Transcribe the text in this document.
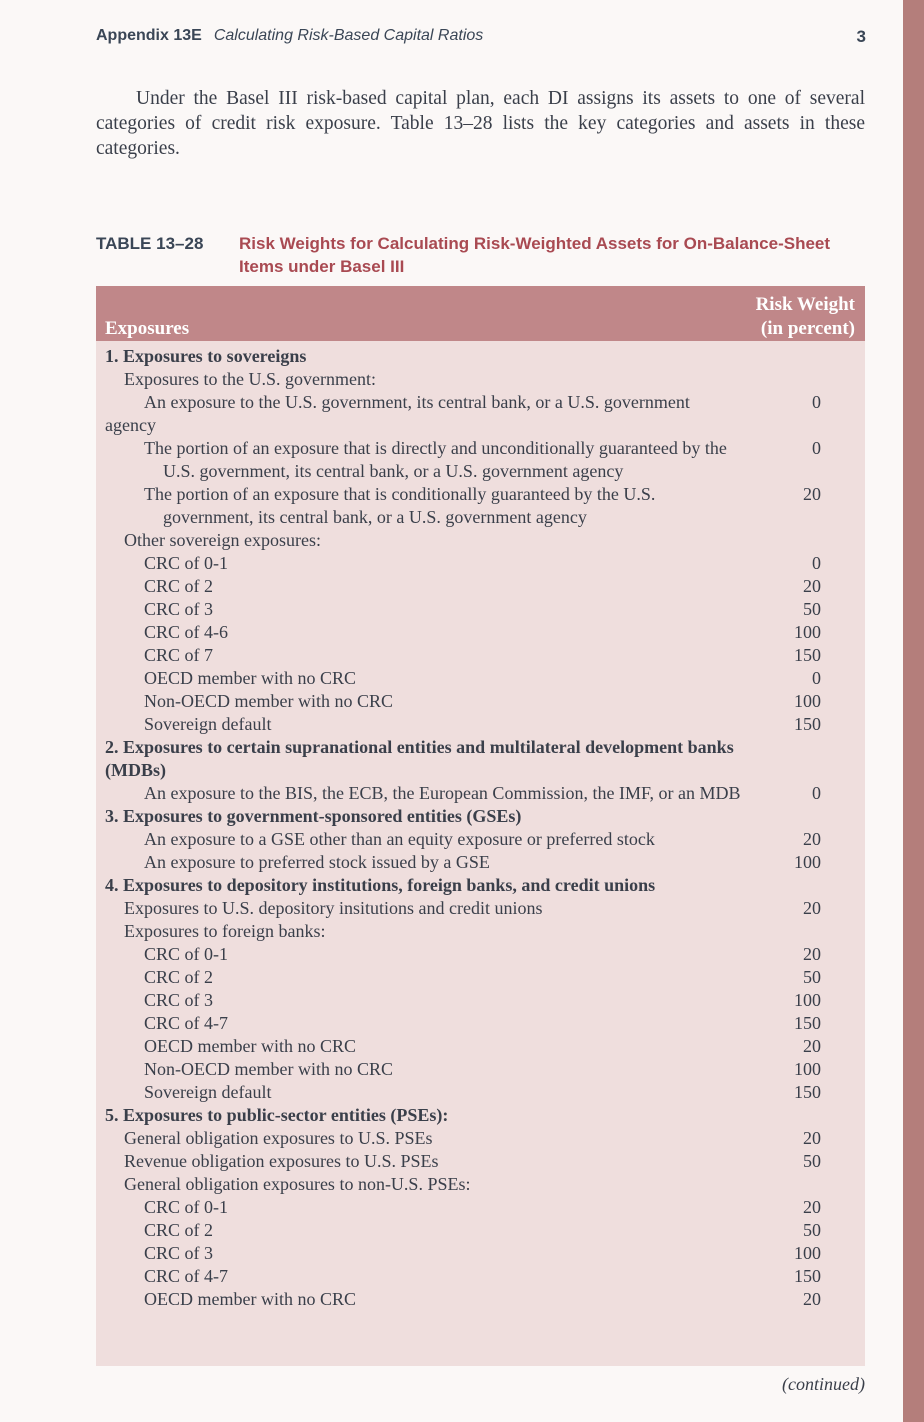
Appendix 13E Calculating Risk-Based Capital Ratios	3

Under the Basel III risk-based capital plan, each DI assigns its assets to one of several categories of credit risk exposure. Table 13–28 lists the key categories and assets in these categories.

TABLE 13–28 Risk Weights for Calculating Risk-Weighted Assets for On-Balance-Sheet Items under Basel III
Exposures
Risk Weight
(in percent)
1. Exposures to sovereigns
Exposures to the U.S. government:
An exposure to the U.S. government, its central bank, or a U.S. government agency
0
The portion of an exposure that is directly and unconditionally guaranteed by the U.S. government, its central bank, or a U.S. government agency
0
The portion of an exposure that is conditionally guaranteed by the U.S. government, its central bank, or a U.S. government agency
20
Other sovereign exposures:
CRC of 0-1	0
CRC of 2	20
CRC of 3	50
CRC of 4-6	100
CRC of 7	150
OECD member with no CRC	0
Non-OECD member with no CRC	100
Sovereign default	150
2. Exposures to certain supranational entities and multilateral development banks (MDBs)
An exposure to the BIS, the ECB, the European Commission, the IMF, or an MDB	0
3. Exposures to government-sponsored entities (GSEs)
An exposure to a GSE other than an equity exposure or preferred stock	20
An exposure to preferred stock issued by a GSE	100
4. Exposures to depository institutions, foreign banks, and credit unions
Exposures to U.S. depository insitutions and credit unions	20
Exposures to foreign banks:
CRC of 0-1	20
CRC of 2	50
CRC of 3	100
CRC of 4-7	150
OECD member with no CRC	20
Non-OECD member with no CRC	100
Sovereign default	150
5. Exposures to public-sector entities (PSEs):
General obligation exposures to U.S. PSEs	20
Revenue obligation exposures to U.S. PSEs	50
General obligation exposures to non-U.S. PSEs:
CRC of 0-1	20
CRC of 2	50
CRC of 3	100
CRC of 4-7	150
OECD member with no CRC	20
(continued)
